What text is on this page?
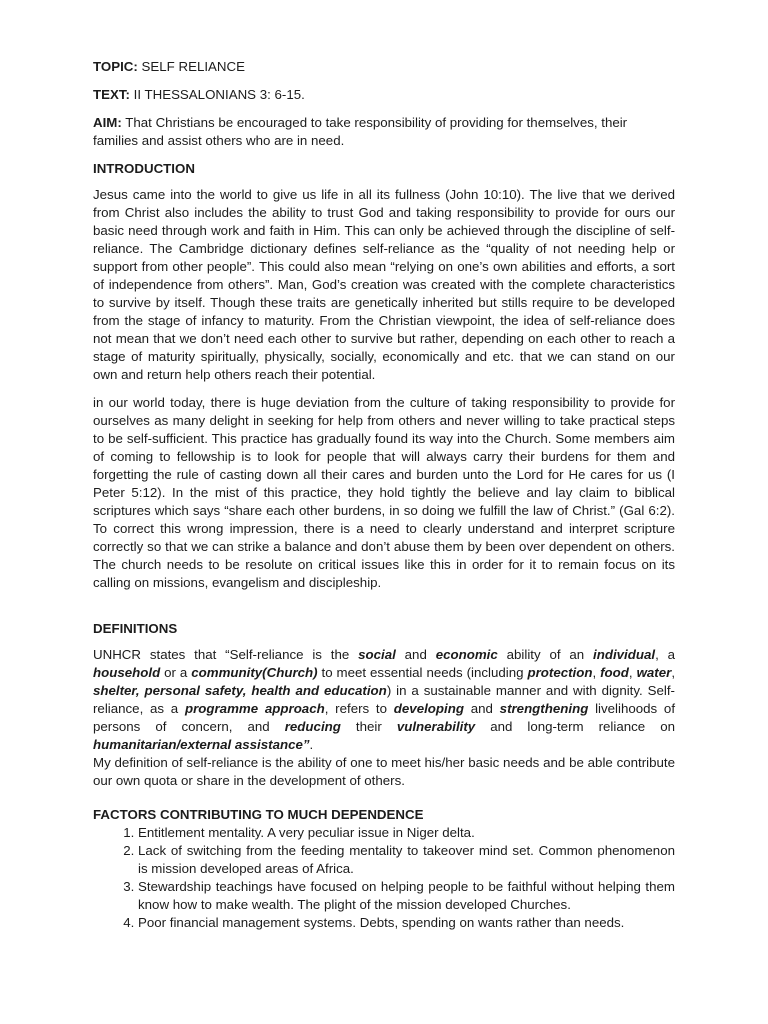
TOPIC: SELF RELIANCE

TEXT: II THESSALONIANS 3: 6-15.

AIM: That Christians be encouraged to take responsibility of providing for themselves, their families and assist others who are in need.

INTRODUCTION

Jesus came into the world to give us life in all its fullness (John 10:10). The live that we derived from Christ also includes the ability to trust God and taking responsibility to provide for ours our basic need through work and faith in Him. This can only be achieved through the discipline of self-reliance. The Cambridge dictionary defines self-reliance as the “quality of not needing help or support from other people”. This could also mean “relying on one’s own abilities and efforts, a sort of independence from others”. Man, God’s creation was created with the complete characteristics to survive by itself. Though these traits are genetically inherited but stills require to be developed from the stage of infancy to maturity. From the Christian viewpoint, the idea of self-reliance does not mean that we don’t need each other to survive but rather, depending on each other to reach a stage of maturity spiritually, physically, socially, economically and etc. that we can stand on our own and return help others reach their potential.

in our world today, there is huge deviation from the culture of taking responsibility to provide for ourselves as many delight in seeking for help from others and never willing to take practical steps to be self-sufficient. This practice has gradually found its way into the Church. Some members aim of coming to fellowship is to look for people that will always carry their burdens for them and forgetting the rule of casting down all their cares and burden unto the Lord for He cares for us (I Peter 5:12). In the mist of this practice, they hold tightly the believe and lay claim to biblical scriptures which says “share each other burdens, in so doing we fulfill the law of Christ.” (Gal 6:2). To correct this wrong impression, there is a need to clearly understand and interpret scripture correctly so that we can strike a balance and don’t abuse them by been over dependent on others. The church needs to be resolute on critical issues like this in order for it to remain focus on its calling on missions, evangelism and discipleship.

DEFINITIONS

UNHCR states that “Self-reliance is the social and economic ability of an individual, a household or a community(Church) to meet essential needs (including protection, food, water, shelter, personal safety, health and education) in a sustainable manner and with dignity. Self-reliance, as a programme approach, refers to developing and strengthening livelihoods of persons of concern, and reducing their vulnerability and long-term reliance on humanitarian/external assistance”.

My definition of self-reliance is the ability of one to meet his/her basic needs and be able contribute our own quota or share in the development of others.

FACTORS CONTRIBUTING TO MUCH DEPENDENCE

1. Entitlement mentality. A very peculiar issue in Niger delta.
2. Lack of switching from the feeding mentality to takeover mind set. Common phenomenon is mission developed areas of Africa.
3. Stewardship teachings have focused on helping people to be faithful without helping them know how to make wealth. The plight of the mission developed Churches.
4. Poor financial management systems. Debts, spending on wants rather than needs.
